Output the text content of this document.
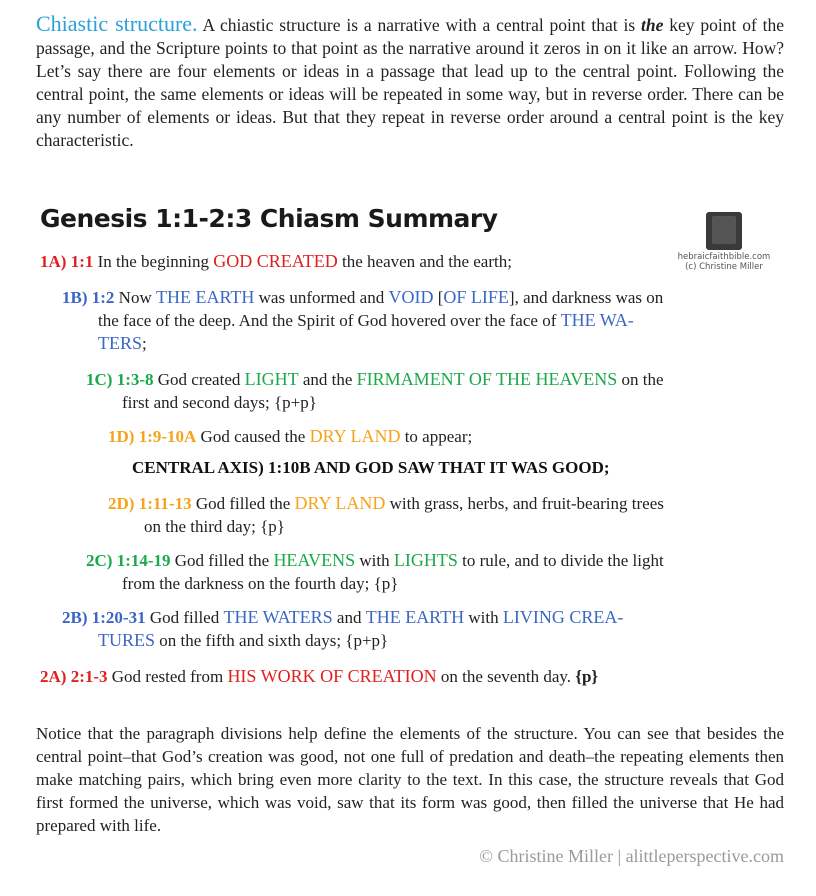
Chiastic structure. A chiastic structure is a narrative with a central point that is the key point of the passage, and the Scripture points to that point as the narrative around it zeros in on it like an arrow. How? Let’s say there are four elements or ideas in a passage that lead up to the central point. Following the central point, the same elements or ideas will be repeated in some way, but in reverse order. There can be any number of elements or ideas. But that they repeat in reverse order around a central point is the key characteristic.
Genesis 1:1-2:3 Chiasm Summary
hebraicfaithbible.com
(c) Christine Miller
1A) 1:1 In the beginning GOD CREATED the heaven and the earth;
1B) 1:2 Now THE EARTH was unformed and VOID [OF LIFE], and darkness was on
the face of the deep. And the Spirit of God hovered over the face of THE WA-
TERS;
1C) 1:3-8 God created LIGHT and the FIRMAMENT OF THE HEAVENS on the
first and second days; {p+p}
1D) 1:9-10A God caused the DRY LAND to appear;
CENTRAL AXIS) 1:10B AND GOD SAW THAT IT WAS GOOD;
2D) 1:11-13 God filled the DRY LAND with grass, herbs, and fruit-bearing trees
on the third day; {p}
2C) 1:14-19 God filled the HEAVENS with LIGHTS to rule, and to divide the light
from the darkness on the fourth day; {p}
2B) 1:20-31 God filled THE WATERS and THE EARTH with LIVING CREA-
TURES on the fifth and sixth days; {p+p}
2A) 2:1-3 God rested from HIS WORK OF CREATION on the seventh day. {p}
Notice that the paragraph divisions help define the elements of the structure. You can see that besides the central point–that God’s creation was good, not one full of predation and death–the repeating elements then make matching pairs, which bring even more clarity to the text. In this case, the structure reveals that God first formed the universe, which was void, saw that its form was good, then filled the universe that He had prepared with life.
© Christine Miller | alittleperspective.com
